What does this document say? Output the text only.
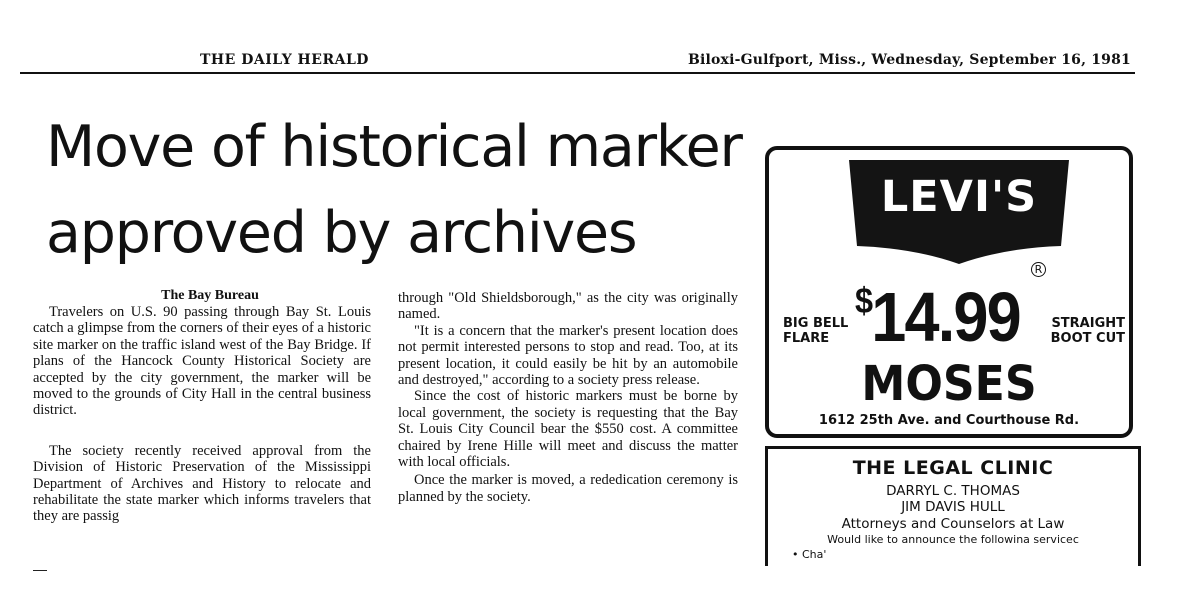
THE DAILY HERALD	Biloxi-Gulfport, Miss., Wednesday, September 16, 1981
Move of historical marker
approved by archives

The Bay Bureau

Travelers on U.S. 90 passing through Bay St. Louis catch a glimpse from the corners of their eyes of a historic site marker on the traffic island west of the Bay Bridge. If plans of the Hancock County Historical Society are accepted by the city government, the marker will be moved to the grounds of City Hall in the central business district.

The society recently received approval from the Division of Historic Preservation of the Mississippi Department of Archives and History to relocate and rehabilitate the state marker which informs travelers that they are passig

through "Old Shieldsborough," as the city was originally named.

"It is a concern that the marker's present location does not permit interested persons to stop and read. Too, at its present location, it could easily be hit by an automobile and destroyed," according to a society press release.

Since the cost of historic markers must be borne by local government, the society is requesting that the Bay St. Louis City Council bear the $550 cost. A committee chaired by Irene Hille will meet and discuss the matter with local officials.

Once the marker is moved, a rededication ceremony is planned by the society.

LEVI'S
R
BIG BELL
FLARE
$14.99 STRAIGHT
BOOT CUT
MOSES
1612 25th Ave. and Courthouse Rd.
THE LEGAL CLINIC
DARRYL C. THOMAS
JIM DAVIS HULL
Attorneys and Counselors at Law
Would like to announce the followina servicec
• Cha'
